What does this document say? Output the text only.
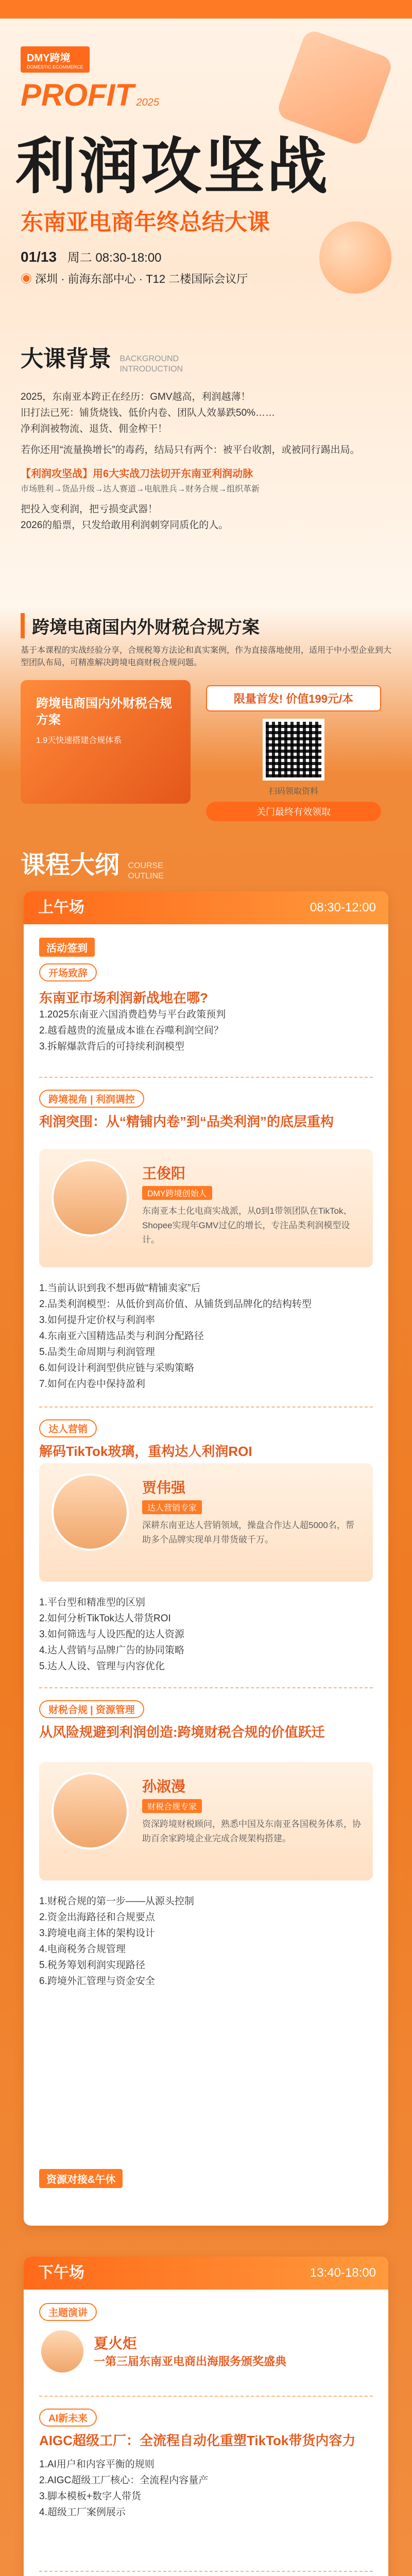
DMY跨境
DOMESTIC ECOMMERCE
PROFIT 2025
利润攻坚战
东南亚电商年终总结大课
01/13 周二 08:30-18:00
◉ 深圳 · 前海东部中心 · T12 二楼国际会议厅
大课背景 BACKGROUND INTRODUCTION
2025，东南亚本跨正在经历：GMV越高，利润越薄！
旧打法已死：铺货烧钱、低价内卷、团队人效暴跌50%……
净利润被物流、退货、佣金榨干！
若你还用“流量换增长”的毒药，结局只有两个：被平台收割，或被同行踢出局。
【利润攻坚战】用6大实战刀法切开东南亚利润动脉
市场胜利→货品升级→达人赛道→电航胜兵→财务合规→组织革新
把投入变利润，把亏损变武器！
2026的船票，只发给敢用利润刺穿同质化的人。
跨境电商国内外财税合规方案
基于本课程的实战经验分享，合规税筹方法论和真实案例，作为直接落地使用，适用于中小型企业到大型团队布局，可精准解决跨境电商财税合规问题。
跨境电商国内外财税合规方案
1.9天快速搭建合规体系
限量首发! 价值199元/本
扫码领取资料
关门最终有效领取
课程大纲 COURSE OUTLINE
上午场	08:30-12:00
活动签到
开场致辞
东南亚市场利润新战地在哪?
1.2025东南亚六国消费趋势与平台政策预判
2.越看越贵的流量成本谁在吞噬利润空间？
3.拆解爆款背后的可持续利润模型
跨境视角 | 利润调控
利润突围：从“精铺内卷”到“品类利润”的底层重构
王俊阳
DMY跨境创始人
东南亚本土化电商实战派，从0到1带领团队在TikTok、Shopee实现年GMV过亿的增长，专注品类利润模型设计。
1.当前认识到我不想再做“精铺卖家”后
2.品类利润模型：从低价到高价值、从铺货到品牌化的结构转型
3.如何提升定价权与利润率
4.东南亚六国精选品类与利润分配路径
5.品类生命周期与利润管理
6.如何设计利润型供应链与采购策略
7.如何在内卷中保持盈利
达人营销
解码TikTok玻璃，重构达人利润ROI
贾伟强
达人营销专家
深耕东南亚达人营销领域，操盘合作达人超5000名，帮助多个品牌实现单月带货破千万。
1.平台型和精准型的区别
2.如何分析TikTok达人带货ROI
3.如何筛选与人设匹配的达人资源
4.达人营销与品牌广告的协同策略
5.达人人设、管理与内容优化
财税合规 | 资源管理
从风险规避到利润创造:跨境财税合规的价值跃迁
孙淑漫
财税合规专家
资深跨境财税顾问，熟悉中国及东南亚各国税务体系，协助百余家跨境企业完成合规架构搭建。
1.财税合规的第一步——从源头控制
2.资金出海路径和合规要点
3.跨境电商主体的架构设计
4.电商税务合规管理
5.税务筹划利润实现路径
6.跨境外汇管理与资金安全
资源对接&午休
下午场	13:40-18:00
主题演讲
夏火炬
一第三届东南亚电商出海服务颁奖盛典
AI新未来
AIGC超级工厂：全流程自动化重塑TikTok带货内容力
1.AI用户和内容平衡的规则
2.AIGC超级工厂核心：全流程内容量产
3.脚本模板+数字人带货
4.超级工厂案例展示
